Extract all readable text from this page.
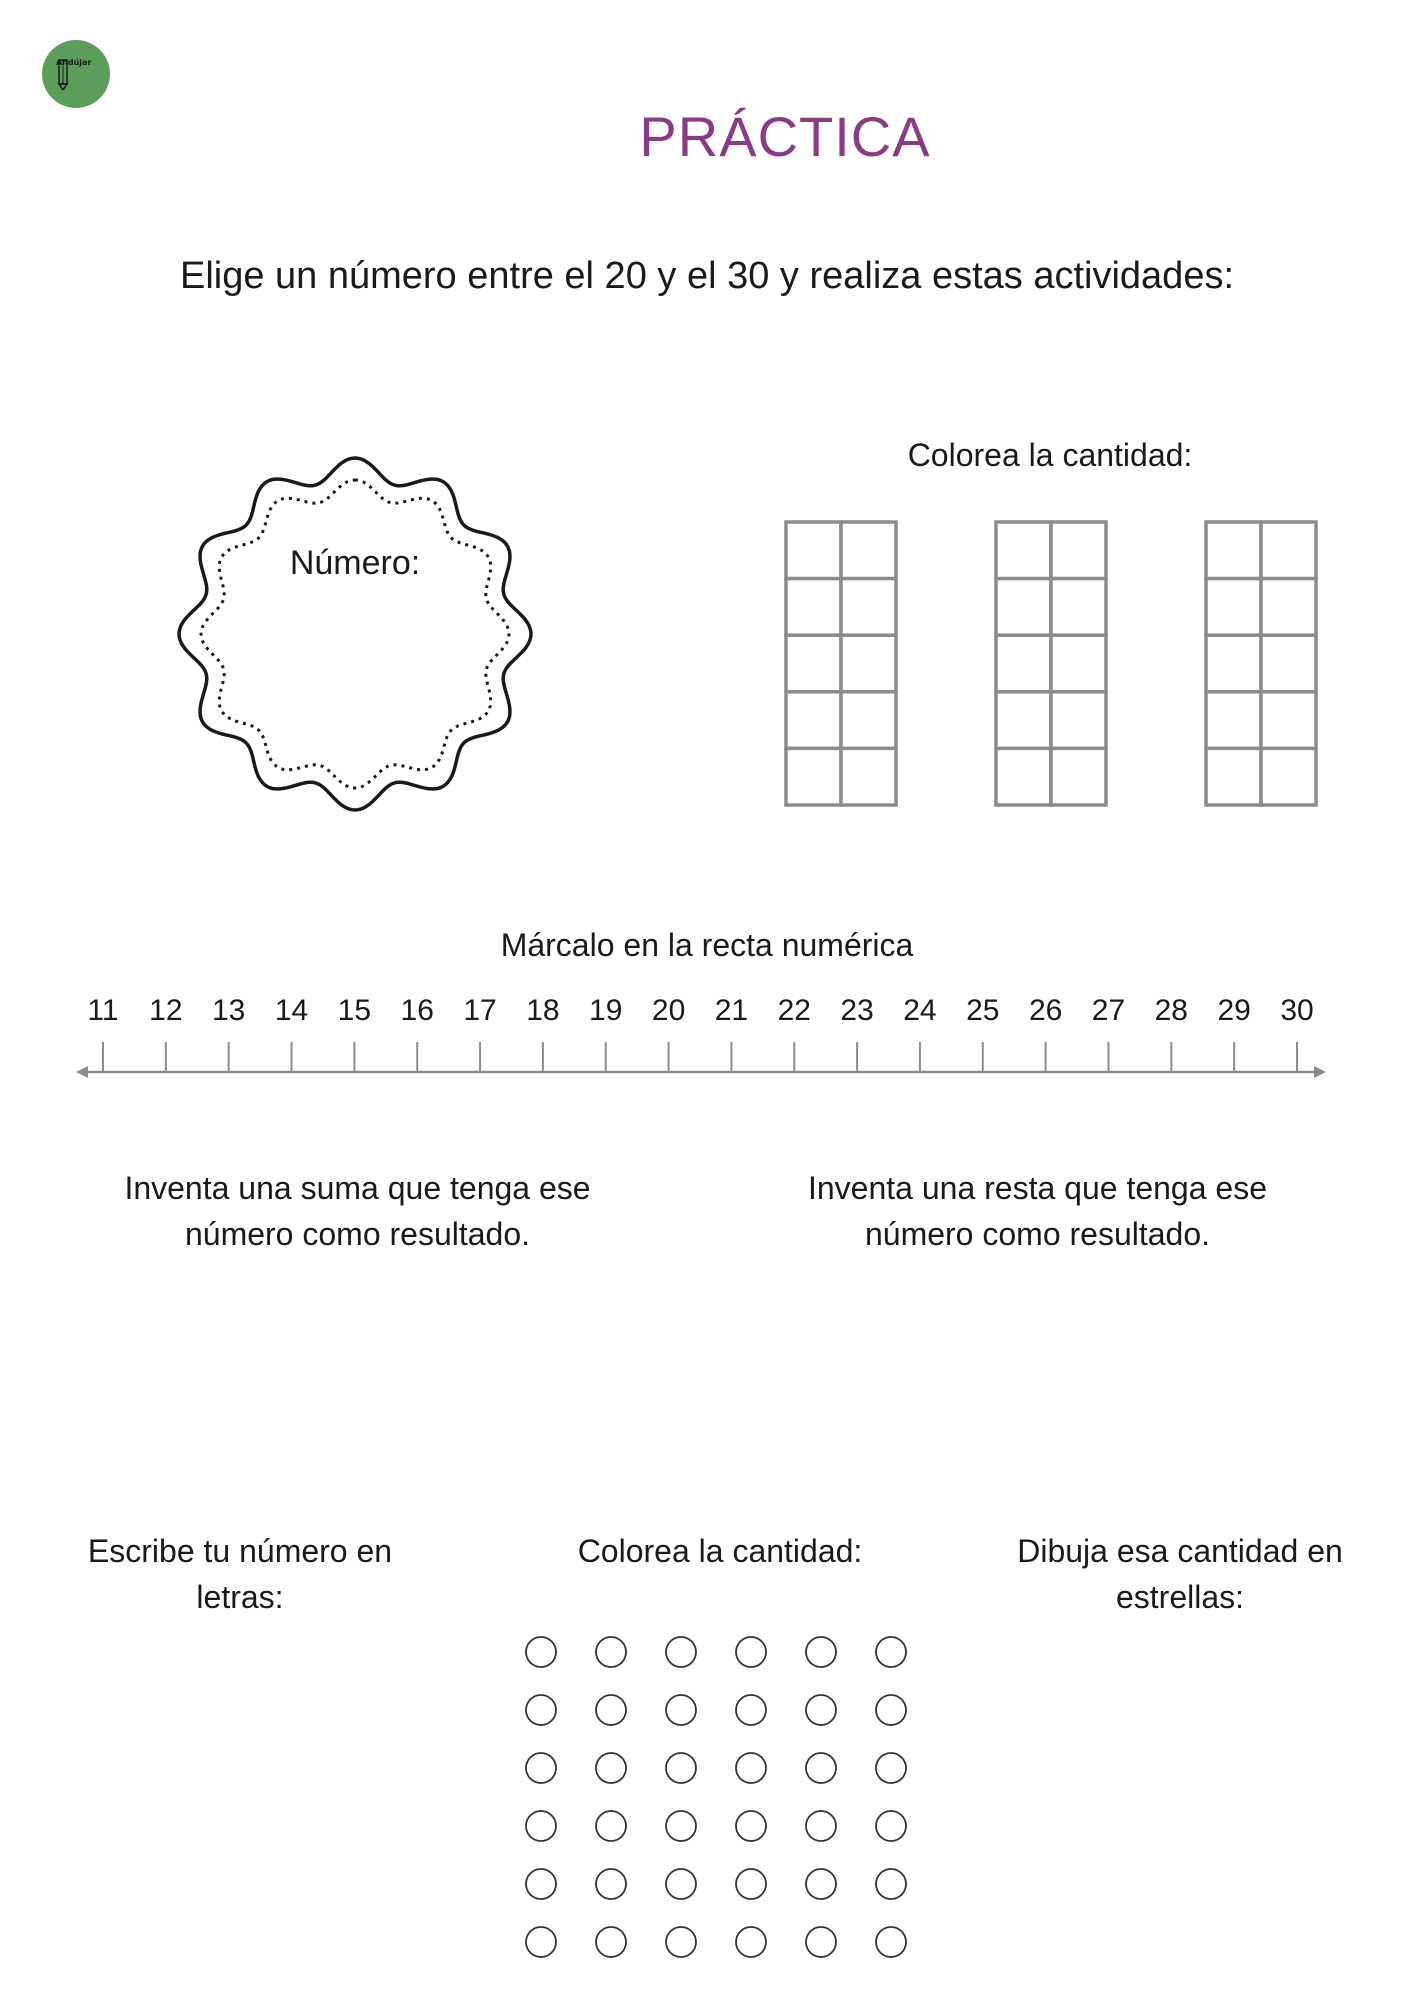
Andújar
PRÁCTICA
Elige un número entre el 20 y el 30 y realiza estas actividades:
Número:
Colorea la cantidad:
Márcalo en la recta numérica
11	12 13 14 15 16 17 18 19 20 21 22 23 24 25 26 27 28 29 30
Inventa una suma que tenga ese
número como resultado.
Inventa una resta que tenga ese
número como resultado.
Escribe tu número en
letras:
Colorea la cantidad:	Dibuja esa cantidad en
estrellas:
